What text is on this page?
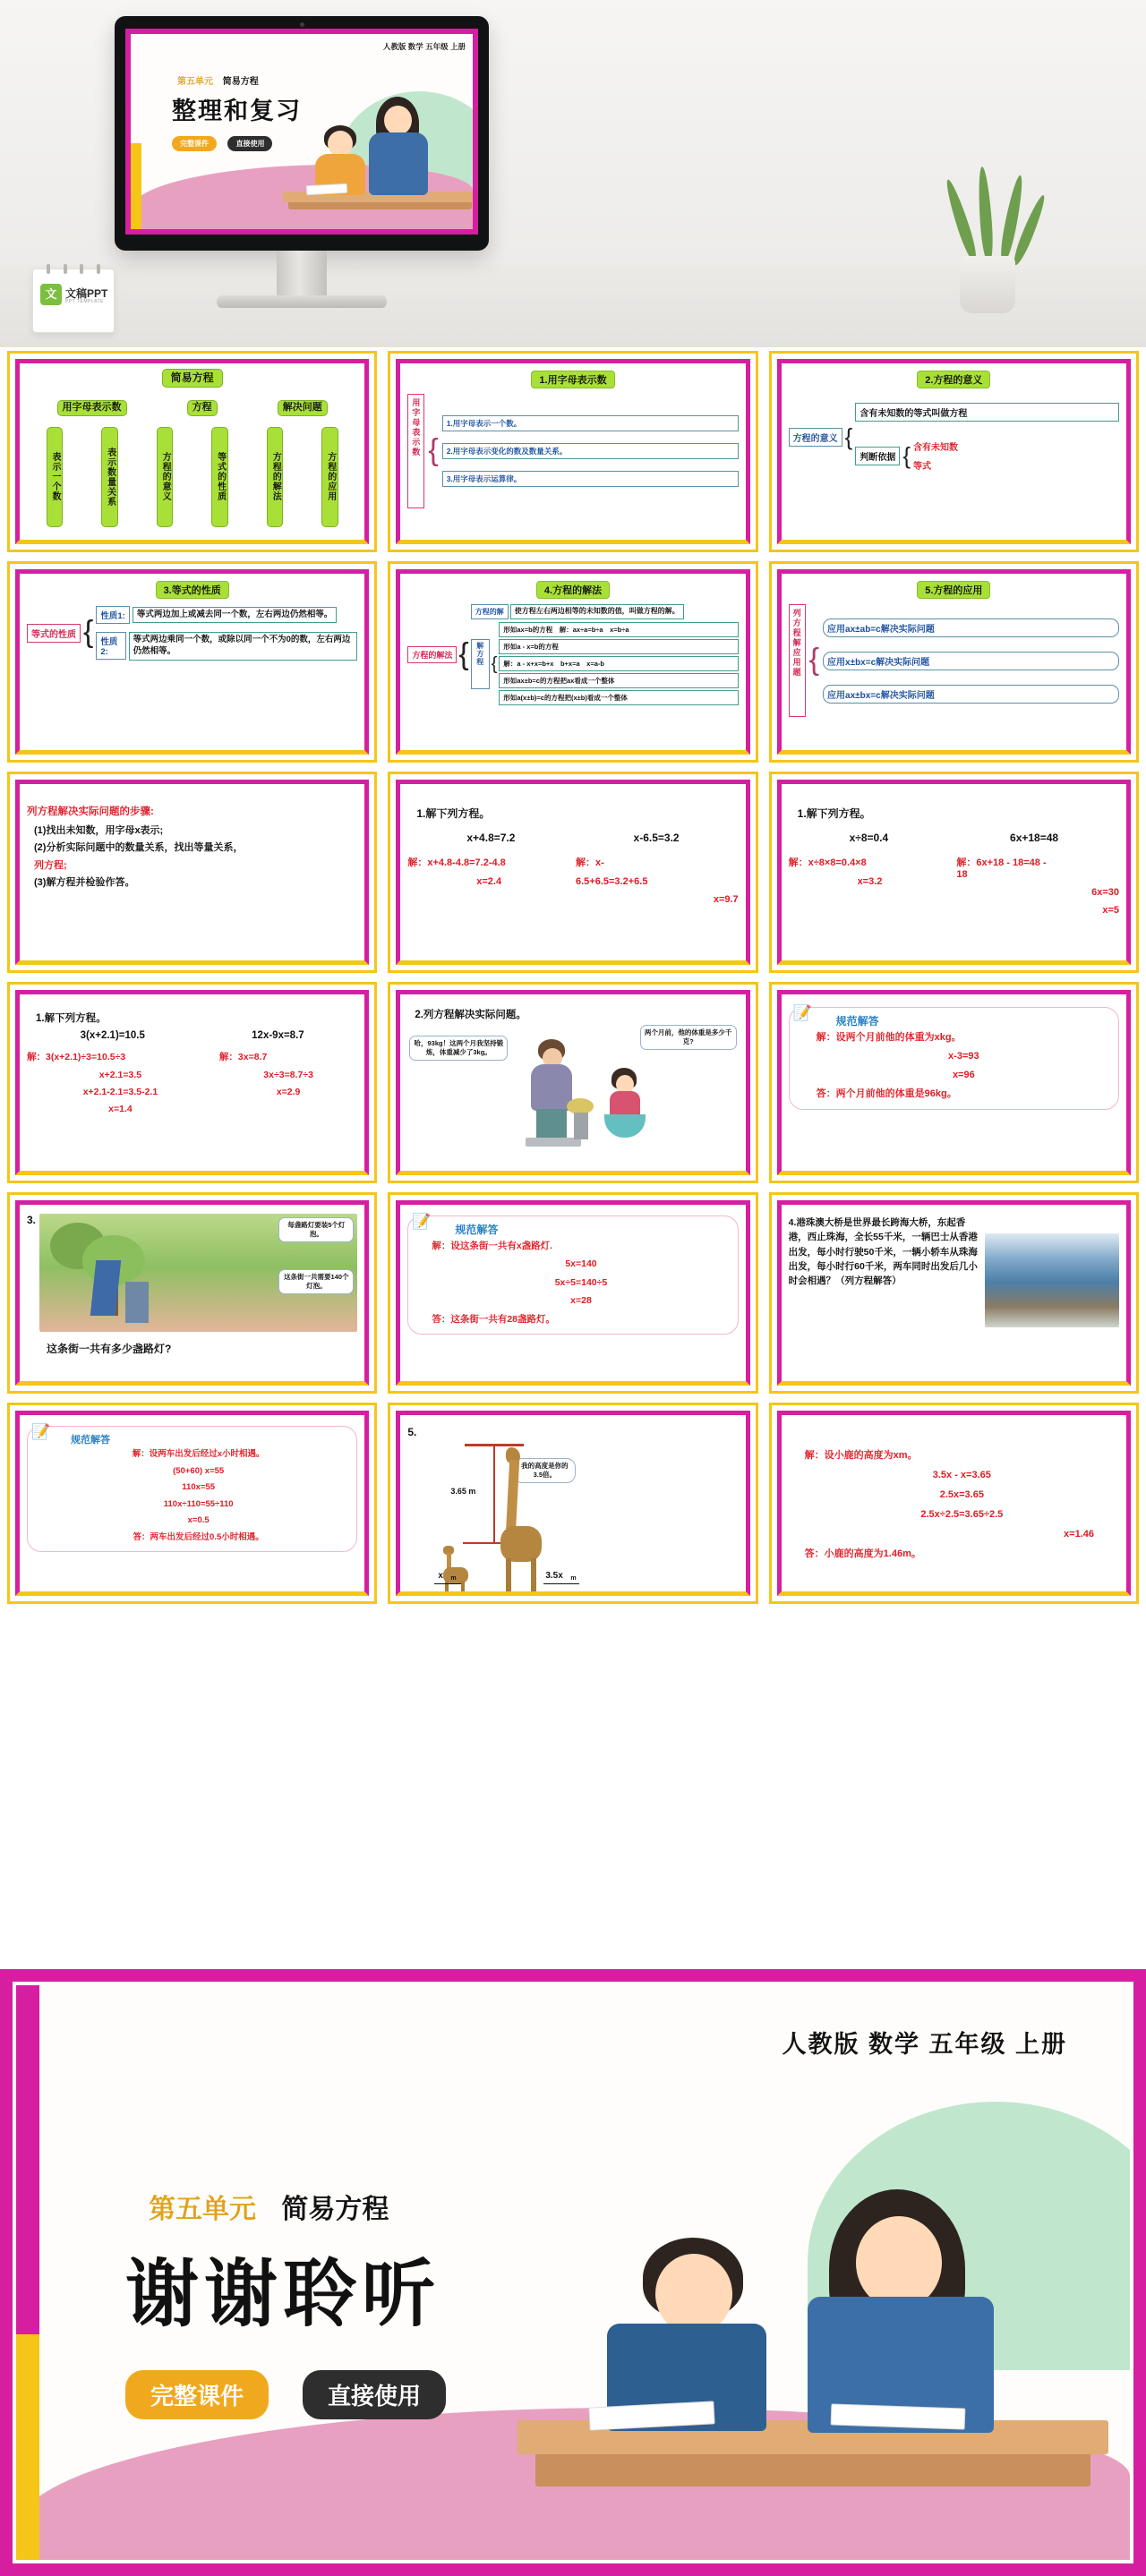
文 文稿PPT
PPT TEMPLATE
人教版 数学 五年级 上册
第五单元 简易方程
整理和复习
完整课件	直接使用
简易方程
用字母表示数	方程	解决问题
表示一个数	表示数量关系	方程的意义	等式的性质	方程的解法	方程的应用
1.用字母表示数
用字母表示数 {
1.用字母表示一个数。
2.用字母表示变化的数及数量关系。
3.用字母表示运算律。
2.方程的意义
方程的意义 {
含有未知数的等式叫做方程
判断依据 { 含有未知数
等式
3.等式的性质
等式的性质 { 性质1:	等式两边加上或减去同一个数，左右两边仍然相等。
性质2:
等式两边乘同一个数，或除以同一个不为0的数，左右两边仍然相等。
4.方程的解法
方程的解法 {
方程的解	使方程左右两边相等的未知数的值，叫做方程的解。
解方程 {
形如ax=b的方程　解：ax÷a=b÷a　x=b÷a
形如a - x=b的方程
解：a - x+x=b+x　b+x=a　x=a-b
形如ax±b=c的方程把ax看成一个整体
形如a(x±b)=c的方程把(x±b)看成一个整体
5.方程的应用
列方程解应用题 {
应用ax±ab=c解决实际问题
应用x±bx=c解决实际问题
应用ax±bx=c解决实际问题
列方程解决实际问题的步骤:
(1)找出未知数，用字母x表示;
(2)分析实际问题中的数量关系，找出等量关系，
列方程;
(3)解方程并检验作答。
1.解下列方程。
x+4.8=7.2	x-6.5=3.2
解：x+4.8-4.8=7.2-4.8
x=2.4
解：x-
6.5+6.5=3.2+6.5
x=9.7
1.解下列方程。
x÷8=0.4	6x+18=48
解：x÷8×8=0.4×8
x=3.2
解：6x+18 - 18=48 -
18
6x=30
x=5
1.解下列方程。
3(x+2.1)=10.5	12x-9x=8.7
解：3(x+2.1)÷3=10.5÷3
x+2.1=3.5
x+2.1-2.1=3.5-2.1
x=1.4
解：3x=8.7
3x÷3=8.7÷3
x=2.9
2.列方程解决实际问题。
哈，93kg！这两个月我坚持锻炼，体重减少了3kg。
两个月前，他的体重是多少千克?
📝	规范解答
解：设两个月前他的体重为xkg。
x-3=93
x=96
答：两个月前他的体重是96kg。
3.	每盏路灯要装5个灯泡。
这条街一共需要140个灯泡。
这条街一共有多少盏路灯?
📝	规范解答
解：设这条街一共有x盏路灯.
5x=140
5x÷5=140÷5
x=28
答：这条街一共有28盏路灯。
4.港珠澳大桥是世界最长跨海大桥，东起香港，西止珠海，全长55千米，一辆巴士从香港出发，每小时行驶50千米，一辆小轿车从珠海出发，每小时行60千米，两车同时出发后几小时会相遇？（列方程解答）
📝	规范解答
解：设两车出发后经过x小时相遇。
(50+60) x=55
110x=55
110x÷110=55÷110
x=0.5
答：两车出发后经过0.5小时相遇。
5.
3.65 m
我的高度是你的3.5倍。
x m	3.5x m
解：设小鹿的高度为xm。
3.5x - x=3.65
2.5x=3.65
2.5x÷2.5=3.65÷2.5
x=1.46
答：小鹿的高度为1.46m。
人教版 数学 五年级 上册
第五单元 简易方程
谢谢聆听
完整课件	直接使用
